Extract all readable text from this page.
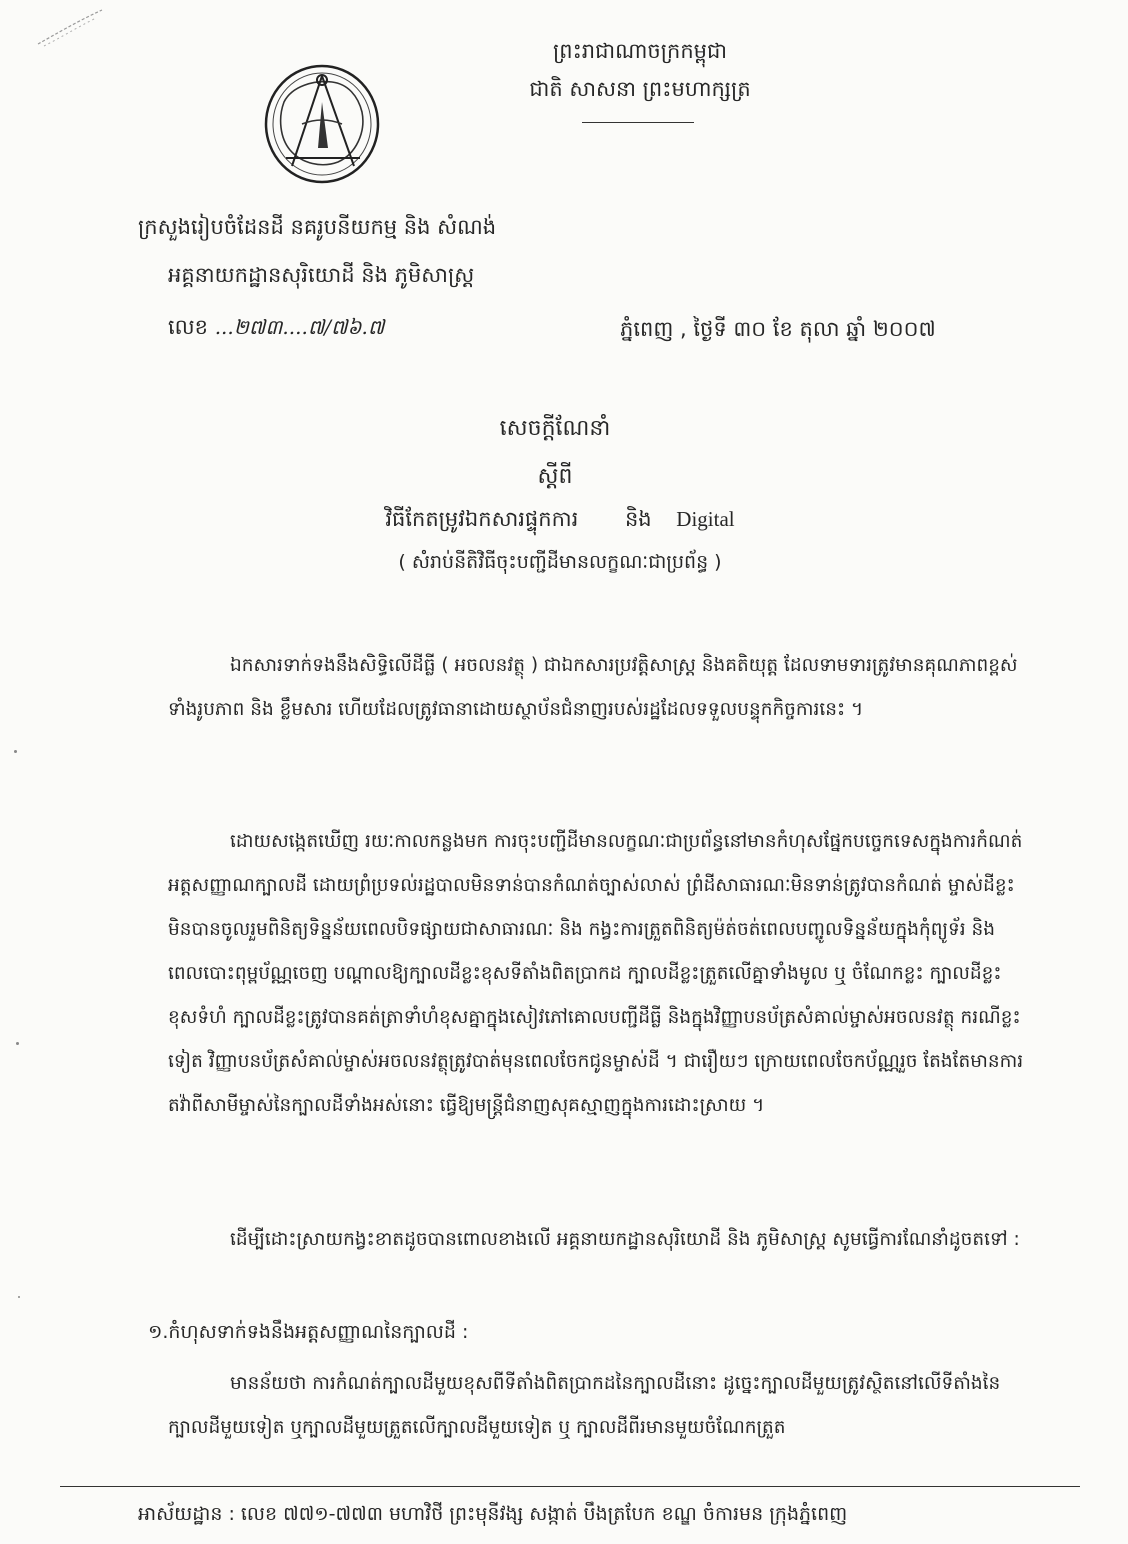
ព្រះរាជាណាចក្រកម្ពុជា
ជាតិ សាសនា ព្រះមហាក្សត្រ
ក្រសួងរៀបចំដែនដី នគរូបនីយកម្ម និង សំណង់
អគ្គនាយកដ្ឋានសុរិយោដី និង ភូមិសាស្ត្រ
លេខ ...២៧៣....៧/៧៦.៧	ភ្នំពេញ , ថ្ងៃទី ៣០ ខែ តុលា ឆ្នាំ ២០០៧
សេចក្តីណែនាំ
ស្តីពី
វិធីកែតម្រូវឯកសារផ្ទុកការ និង Digital
( សំរាប់នីតិវិធីចុះបញ្ជីដីមានលក្ខណៈជាប្រព័ន្ធ )
ឯកសារទាក់ទងនឹងសិទ្ធិលើដីធ្លី ( អចលនវត្ថុ ) ជាឯកសារប្រវត្តិសាស្ត្រ និងគតិយុត្ត ដែលទាមទារត្រូវមានគុណភាពខ្ពស់ ទាំងរូបភាព និង ខ្លឹមសារ ហើយដែលត្រូវធានាដោយស្ថាប័នជំនាញរបស់រដ្ឋដែលទទួលបន្ទុកកិច្ចការនេះ ។
ដោយសង្កេតឃើញ រយៈកាលកន្លងមក ការចុះបញ្ជីដីមានលក្ខណៈជាប្រព័ន្ធនៅមានកំហុសផ្នែកបច្ចេកទេសក្នុងការកំណត់អត្តសញ្ញាណក្បាលដី ដោយព្រំប្រទល់រដ្ឋបាលមិនទាន់បានកំណត់ច្បាស់លាស់ ព្រំដីសាធារណៈមិនទាន់ត្រូវបានកំណត់ ម្ចាស់ដីខ្លះមិនបានចូលរួមពិនិត្យទិន្នន័យពេលបិទផ្សាយជាសាធារណៈ និង កង្វះការត្រួតពិនិត្យម៉ត់ចត់ពេលបញ្ចូលទិន្នន័យក្នុងកុំព្យូទ័រ និងពេលបោះពុម្ពប័ណ្ណចេញ បណ្តាលឱ្យក្បាលដីខ្លះខុសទីតាំងពិតប្រាកដ ក្បាលដីខ្លះត្រួតលើគ្នាទាំងមូល ឬ ចំណែកខ្លះ ក្បាលដីខ្លះខុសទំហំ ក្បាលដីខ្លះត្រូវបានគត់ត្រាទាំហំខុសគ្នាក្នុងសៀវភៅគោលបញ្ជីដីធ្លី និងក្នុងវិញ្ញាបនប័ត្រសំគាល់ម្ចាស់អចលនវត្ថុ ករណីខ្លះទៀត វិញ្ញាបនប័ត្រសំគាល់ម្ចាស់អចលនវត្ថុត្រូវបាត់មុនពេលចែកជូនម្ចាស់ដី ។ ជារឿយៗ ក្រោយពេលចែកប័ណ្ណរួច តែងតែមានការតវ៉ាពីសាមីម្ចាស់នៃក្បាលដីទាំងអស់នោះ ធ្វើឱ្យមន្ត្រីជំនាញសុគស្មាញក្នុងការដោះស្រាយ ។
ដើម្បីដោះស្រាយកង្វះខាតដូចបានពោលខាងលើ អគ្គនាយកដ្ឋានសុរិយោដី និង ភូមិសាស្ត្រ សូមធ្វើការណែនាំដូចតទៅ :
១.កំហុសទាក់ទងនឹងអត្តសញ្ញាណនៃក្បាលដី :
មានន័យថា ការកំណត់ក្បាលដីមួយខុសពីទីតាំងពិតប្រាកដនៃក្បាលដីនោះ ដូច្នេះក្បាលដីមួយត្រូវស្ថិតនៅលើទីតាំងនៃក្បាលដីមួយទៀត ឬក្បាលដីមួយត្រួតលើក្បាលដីមួយទៀត ឬ ក្បាលដីពីរមានមួយចំណែកត្រួត
អាស័យដ្ឋាន : លេខ ៧៧១-៧៧៣ មហាវិថី ព្រះមុនីវង្ស សង្កាត់ បឹងត្របែក ខណ្ឌ ចំការមន ក្រុងភ្នំពេញ
